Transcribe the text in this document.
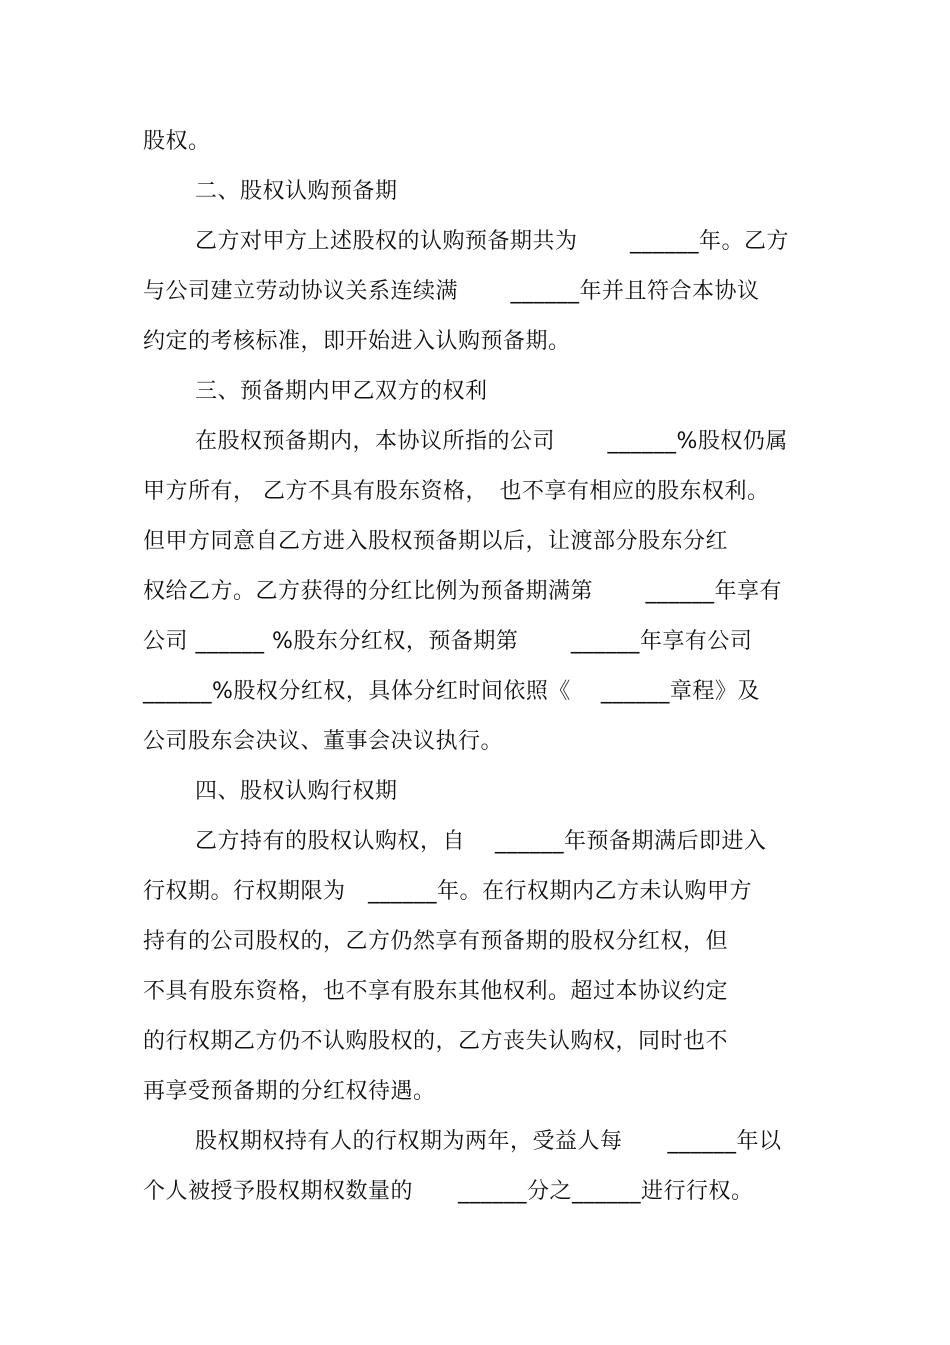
股权。
二、股权认购预备期
乙方对甲方上述股权的认购预备期共为　　 ______年。乙方
与公司建立劳动协议关系连续满　　 ______年并且符合本协议
约定的考核标准，即开始进入认购预备期。
三、预备期内甲乙双方的权利
在股权预备期内，本协议所指的公司　　 ______%股权仍属
甲方所有， 乙方不具有股东资格，　也不享有相应的股东权利。
但甲方同意自乙方进入股权预备期以后，让渡部分股东分红
权给乙方。乙方获得的分红比例为预备期满第　　 ______年享有
公司 ______ %股东分红权，预备期第　　 ______年享有公司
______%股权分红权，具体分红时间依照《　 ______章程》及
公司股东会决议、董事会决议执行。
四、股权认购行权期
乙方持有的股权认购权，自　 ______年预备期满后即进入
行权期。行权期限为　______年。在行权期内乙方未认购甲方
持有的公司股权的，乙方仍然享有预备期的股权分红权，但
不具有股东资格，也不享有股东其他权利。超过本协议约定
的行权期乙方仍不认购股权的，乙方丧失认购权，同时也不
再享受预备期的分红权待遇。
股权期权持有人的行权期为两年，受益人每　　______年以
个人被授予股权期权数量的　　______分之______进行行权。
